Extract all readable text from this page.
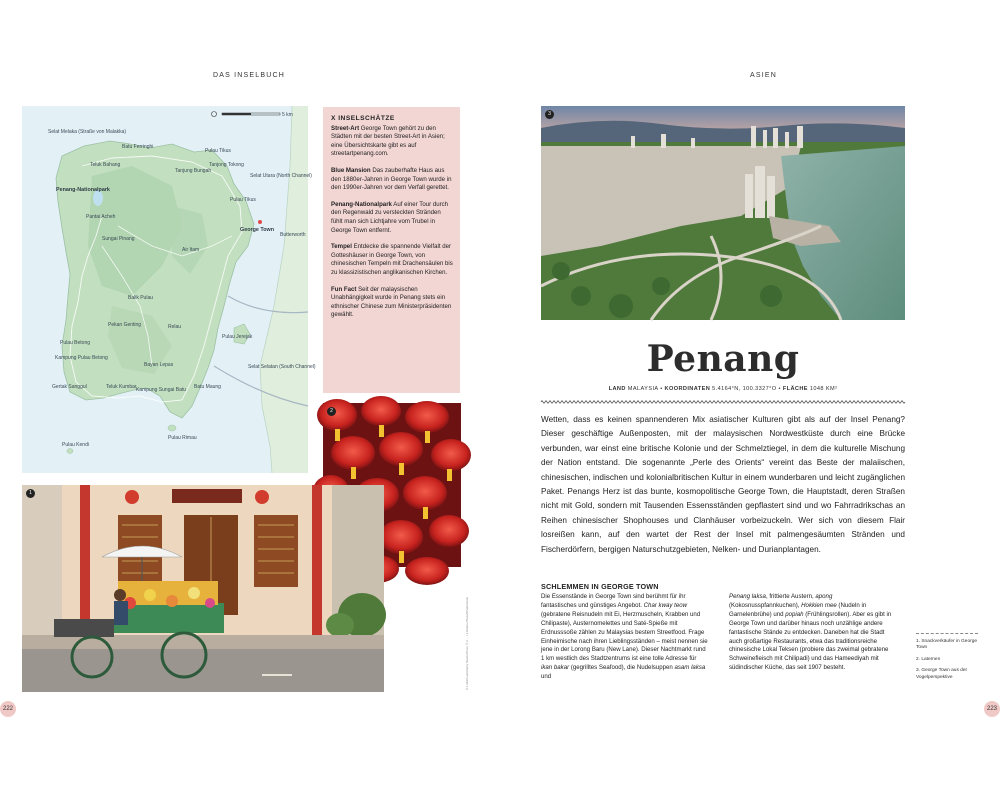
DAS INSELBUCH	ASIEN
5 km
Selat Melaka (Straße von Malakka)
Batu Ferringhi
Pulau Tikus
Teluk Bahang	Tanjong Tokong
Tanjung Bungah
Selat Utara (North Channel)
Penang-Nationalpark
Pulau Tikus
George Town
Butterworth
Pantai Acheh
Sungai Pinang
Air Itam
Balik Pulau
Pekan Genting	Relau
Pulau Betong
Kampung Pulau Betong
Pulau Jerejak
Selat Selatan (South Channel)
Gertak Sanggul	Teluk Kumbar Kampung Sungai Batu Batu Maung
Bayan Lepas
Pulau Rimau
Pulau Kendi
X INSELSCHÄTZE

Street-Art George Town gehört zu den Städten mit der besten Street-Art in Asien; eine Übersichtskarte gibt es auf streetartpenang.com.

Blue Mansion Das zauberhafte Haus aus den 1880er-Jahren in George Town wurde in den 1990er-Jahren vor dem Verfall gerettet.

Penang-Nationalpark Auf einer Tour durch den Regenwald zu versteckten Stränden fühlt man sich Lichtjahre vom Trubel in George Town entfernt.

Tempel Entdecke die spannende Vielfalt der Gotteshäuser in George Town, von chinesischen Tempeln mit Drachensäulen bis zu klassizistischen anglikanischen Kirchen.

Fun Fact Seit der malaysischen Unabhängigkeit wurde in Penang stets ein ethnischer Chinese zum Ministerpräsidenten gewählt.

2
© 1 Mdd Lee/Alamy Stock Photo; © 2 ... / 3 Kaboo Photo/Shutterstock
1
3
Penang
LAND MALAYSIA • KOORDINATEN 5.4164°N, 100.3327°O • FLÄCHE 1048 KM²
Wetten, dass es keinen spannenderen Mix asiatischer Kulturen gibt als auf der Insel Penang? Dieser geschäftige Außenposten, mit der malaysischen Nordwestküste durch eine Brücke verbunden, war einst eine britische Kolonie und der Schmelztiegel, in dem die kulturelle Mischung der Nation entstand. Die sogenannte „Perle des Orients“ vereint das Beste der malaiischen, chinesischen, indischen und kolonialbritischen Kultur in einem wunderbaren und leicht zugänglichen Paket. Penangs Herz ist das bunte, kosmopolitische George Town, die Hauptstadt, deren Straßen nicht mit Gold, sondern mit Tausenden Essensständen gepflastert sind und wo Fahrradrikschas an Reihen chinesischer Shophouses und Clanhäuser vorbeizuckeln. Wer sich von diesem Flair losreißen kann, auf den wartet der Rest der Insel mit palmengesäumten Stränden und Fischerdörfern, bergigen Naturschutzgebieten, Nelken- und Durianplantagen.
SCHLEMMEN IN GEORGE TOWN
Die Essenstände in George Town sind berühmt für ihr fantastisches und günstiges Angebot. Char kway teow (gebratene Reisnudeln mit Ei, Herzmuscheln, Krabben und Chilipaste), Austernomelettes und Saté-Spieße mit Erdnusssoße zählen zu Malaysias bestem Streetfood. Frage Einheimische nach ihren Lieblingsständen – meist nennen sie jene in der Lorong Baru (New Lane). Dieser Nachtmarkt rund 1 km westlich des Stadtzentrums ist eine tolle Adresse für ikan bakar (gegrilltes Seafood), die Nudelsuppen asam laksa und
Penang laksa, frittierte Austern, apong (Kokosnusspfannkuchen), Hokkien mee (Nudeln in Garnelenbrühe) und popiah (Frühlingsrollen). Aber es gibt in George Town und darüber hinaus noch unzählige andere fantastische Stände zu entdecken. Daneben hat die Stadt auch großartige Restaurants, etwa das traditionsreiche chinesische Lokal Teksen (probiere das zweimal gebratene Schweinefleisch mit Chilipadi) und das Hameediyah mit südindischer Küche, das seit 1907 besteht.

1. Snackverkäufer in George Town

2. Laternen

3. George Town aus der Vogelperspektive

222	223
